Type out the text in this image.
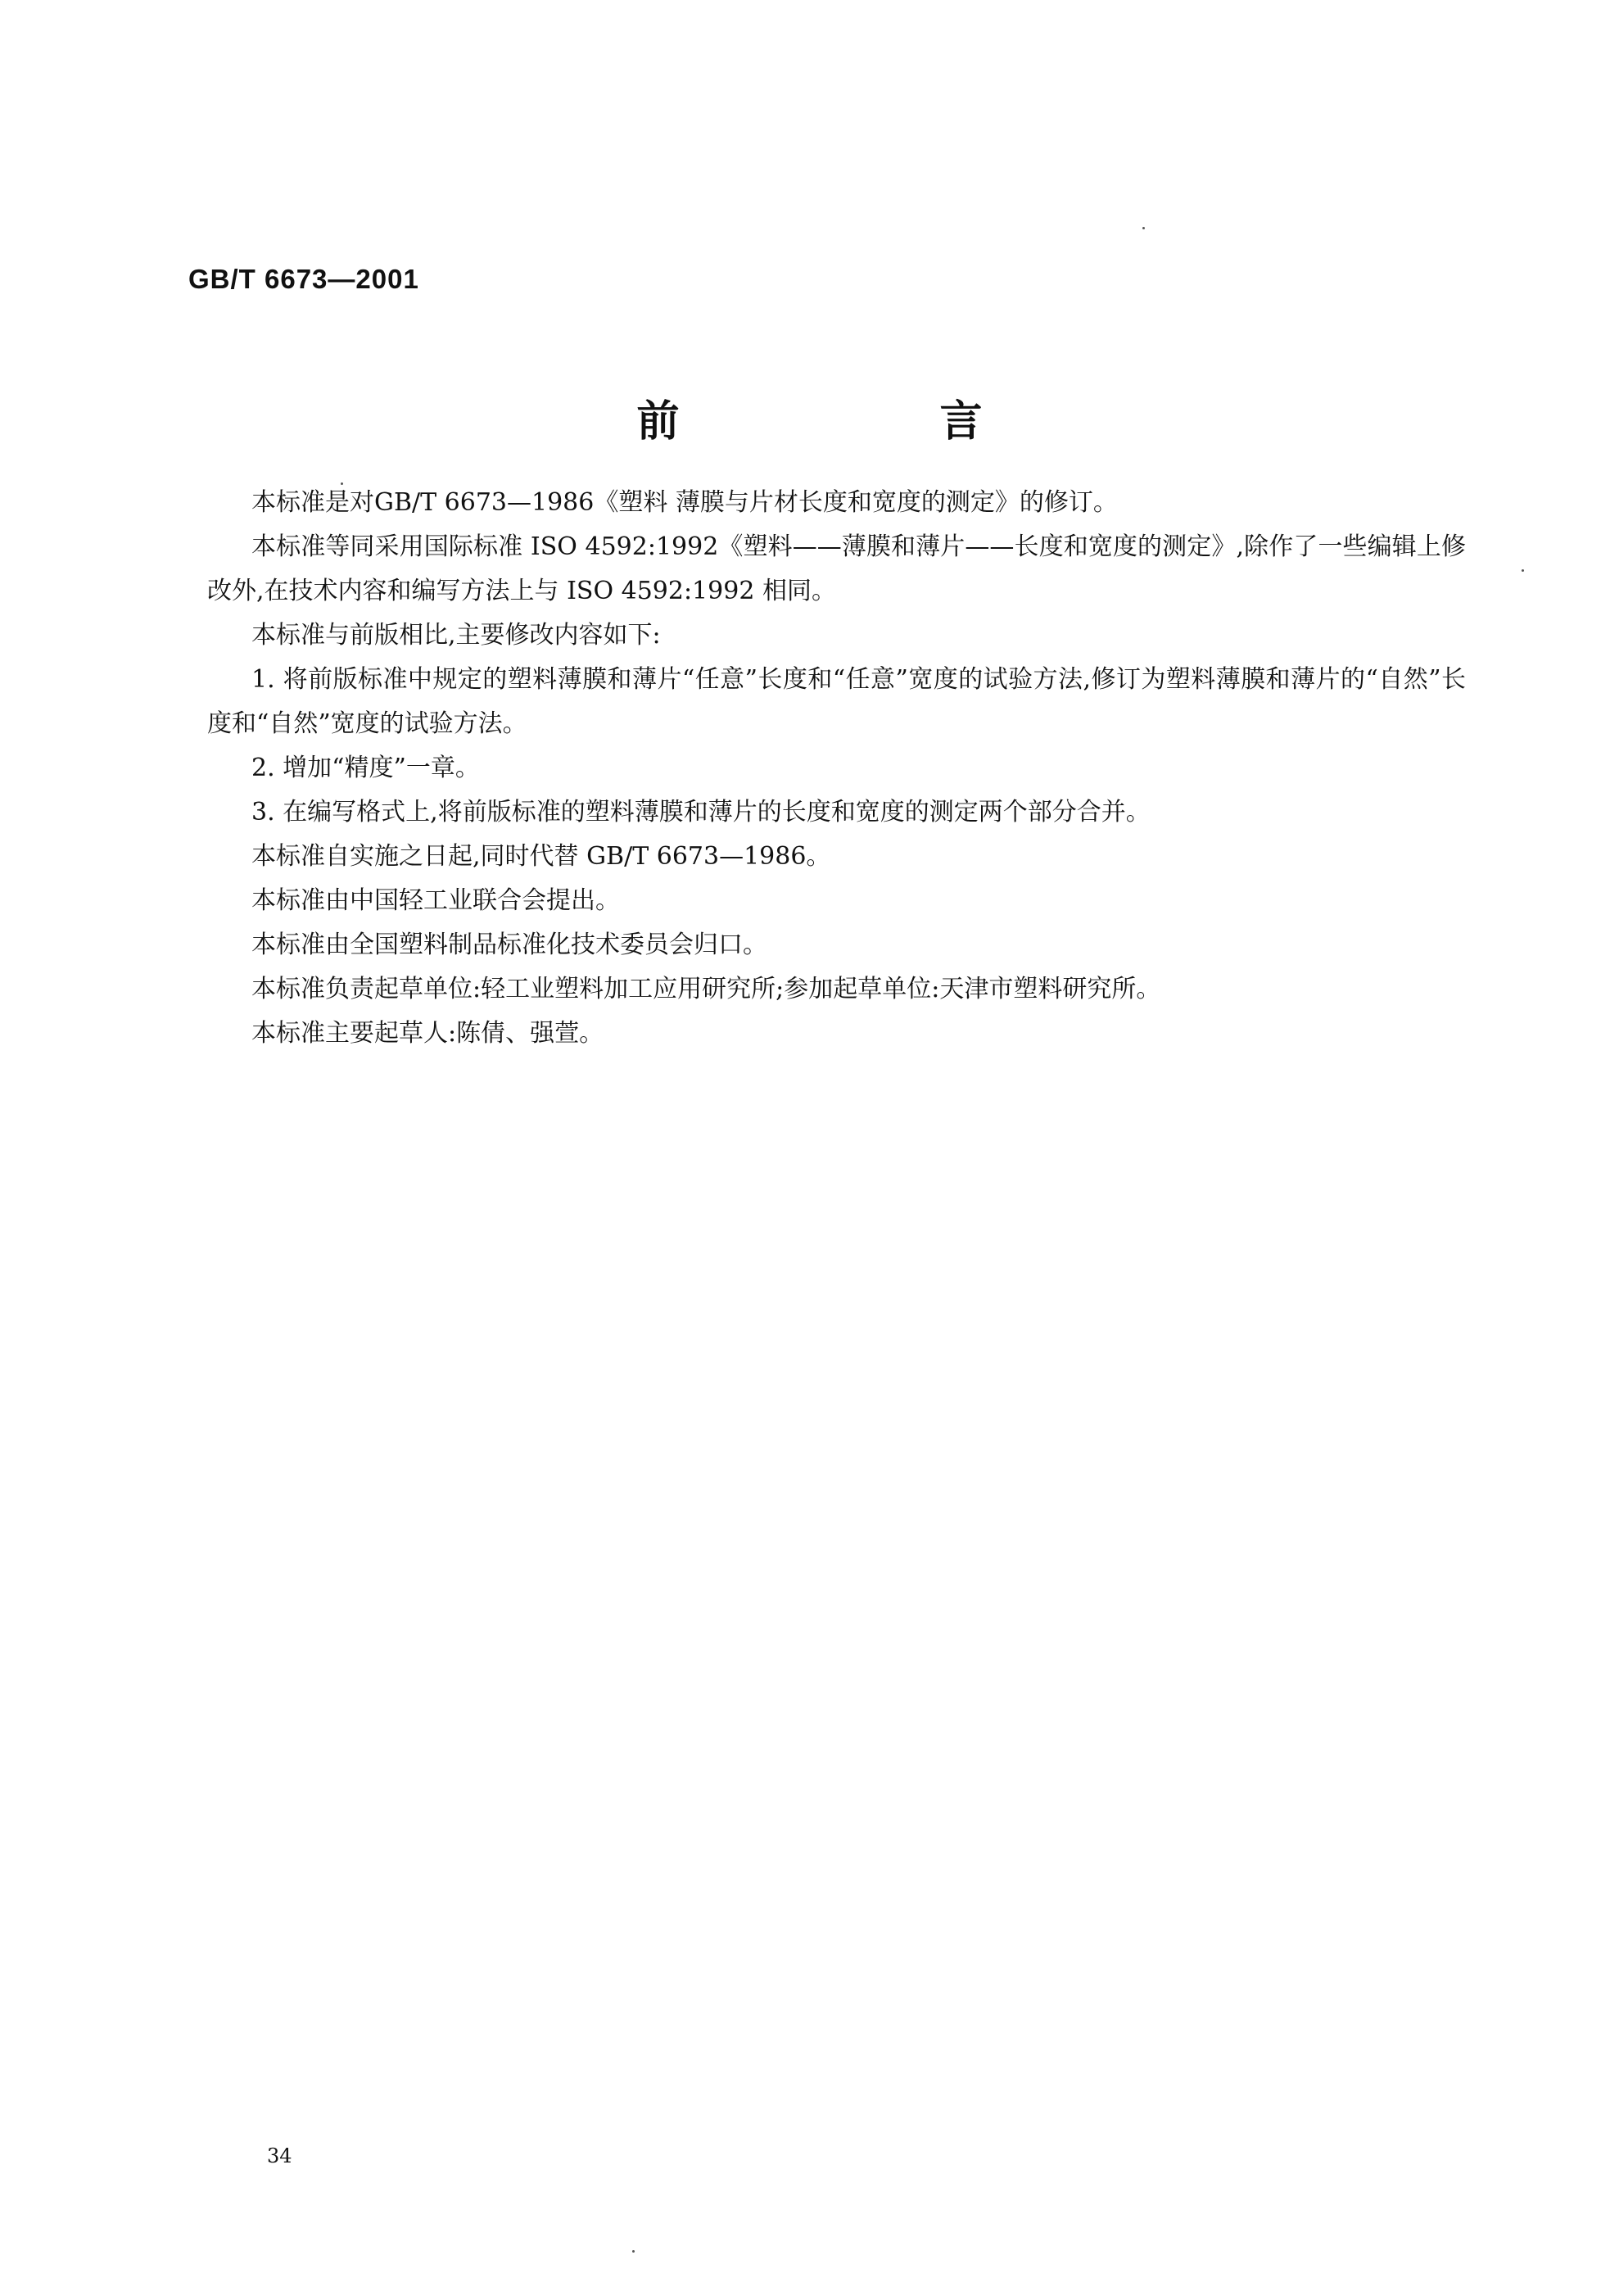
GB/T 6673—2001
前 言

本标准是对GB/T 6673—1986《塑料 薄膜与片材长度和宽度的测定》的修订。

本标准等同采用国际标准 ISO 4592:1992《塑料——薄膜和薄片——长度和宽度的测定》,除作了一些编辑上修改外,在技术内容和编写方法上与 ISO 4592:1992 相同。

本标准与前版相比,主要修改内容如下:

1. 将前版标准中规定的塑料薄膜和薄片“任意”长度和“任意”宽度的试验方法,修订为塑料薄膜和薄片的“自然”长度和“自然”宽度的试验方法。

2. 增加“精度”一章。

3. 在编写格式上,将前版标准的塑料薄膜和薄片的长度和宽度的测定两个部分合并。

本标准自实施之日起,同时代替 GB/T 6673—1986。

本标准由中国轻工业联合会提出。

本标准由全国塑料制品标准化技术委员会归口。

本标准负责起草单位:轻工业塑料加工应用研究所;参加起草单位:天津市塑料研究所。

本标准主要起草人:陈倩、强萱。

34
